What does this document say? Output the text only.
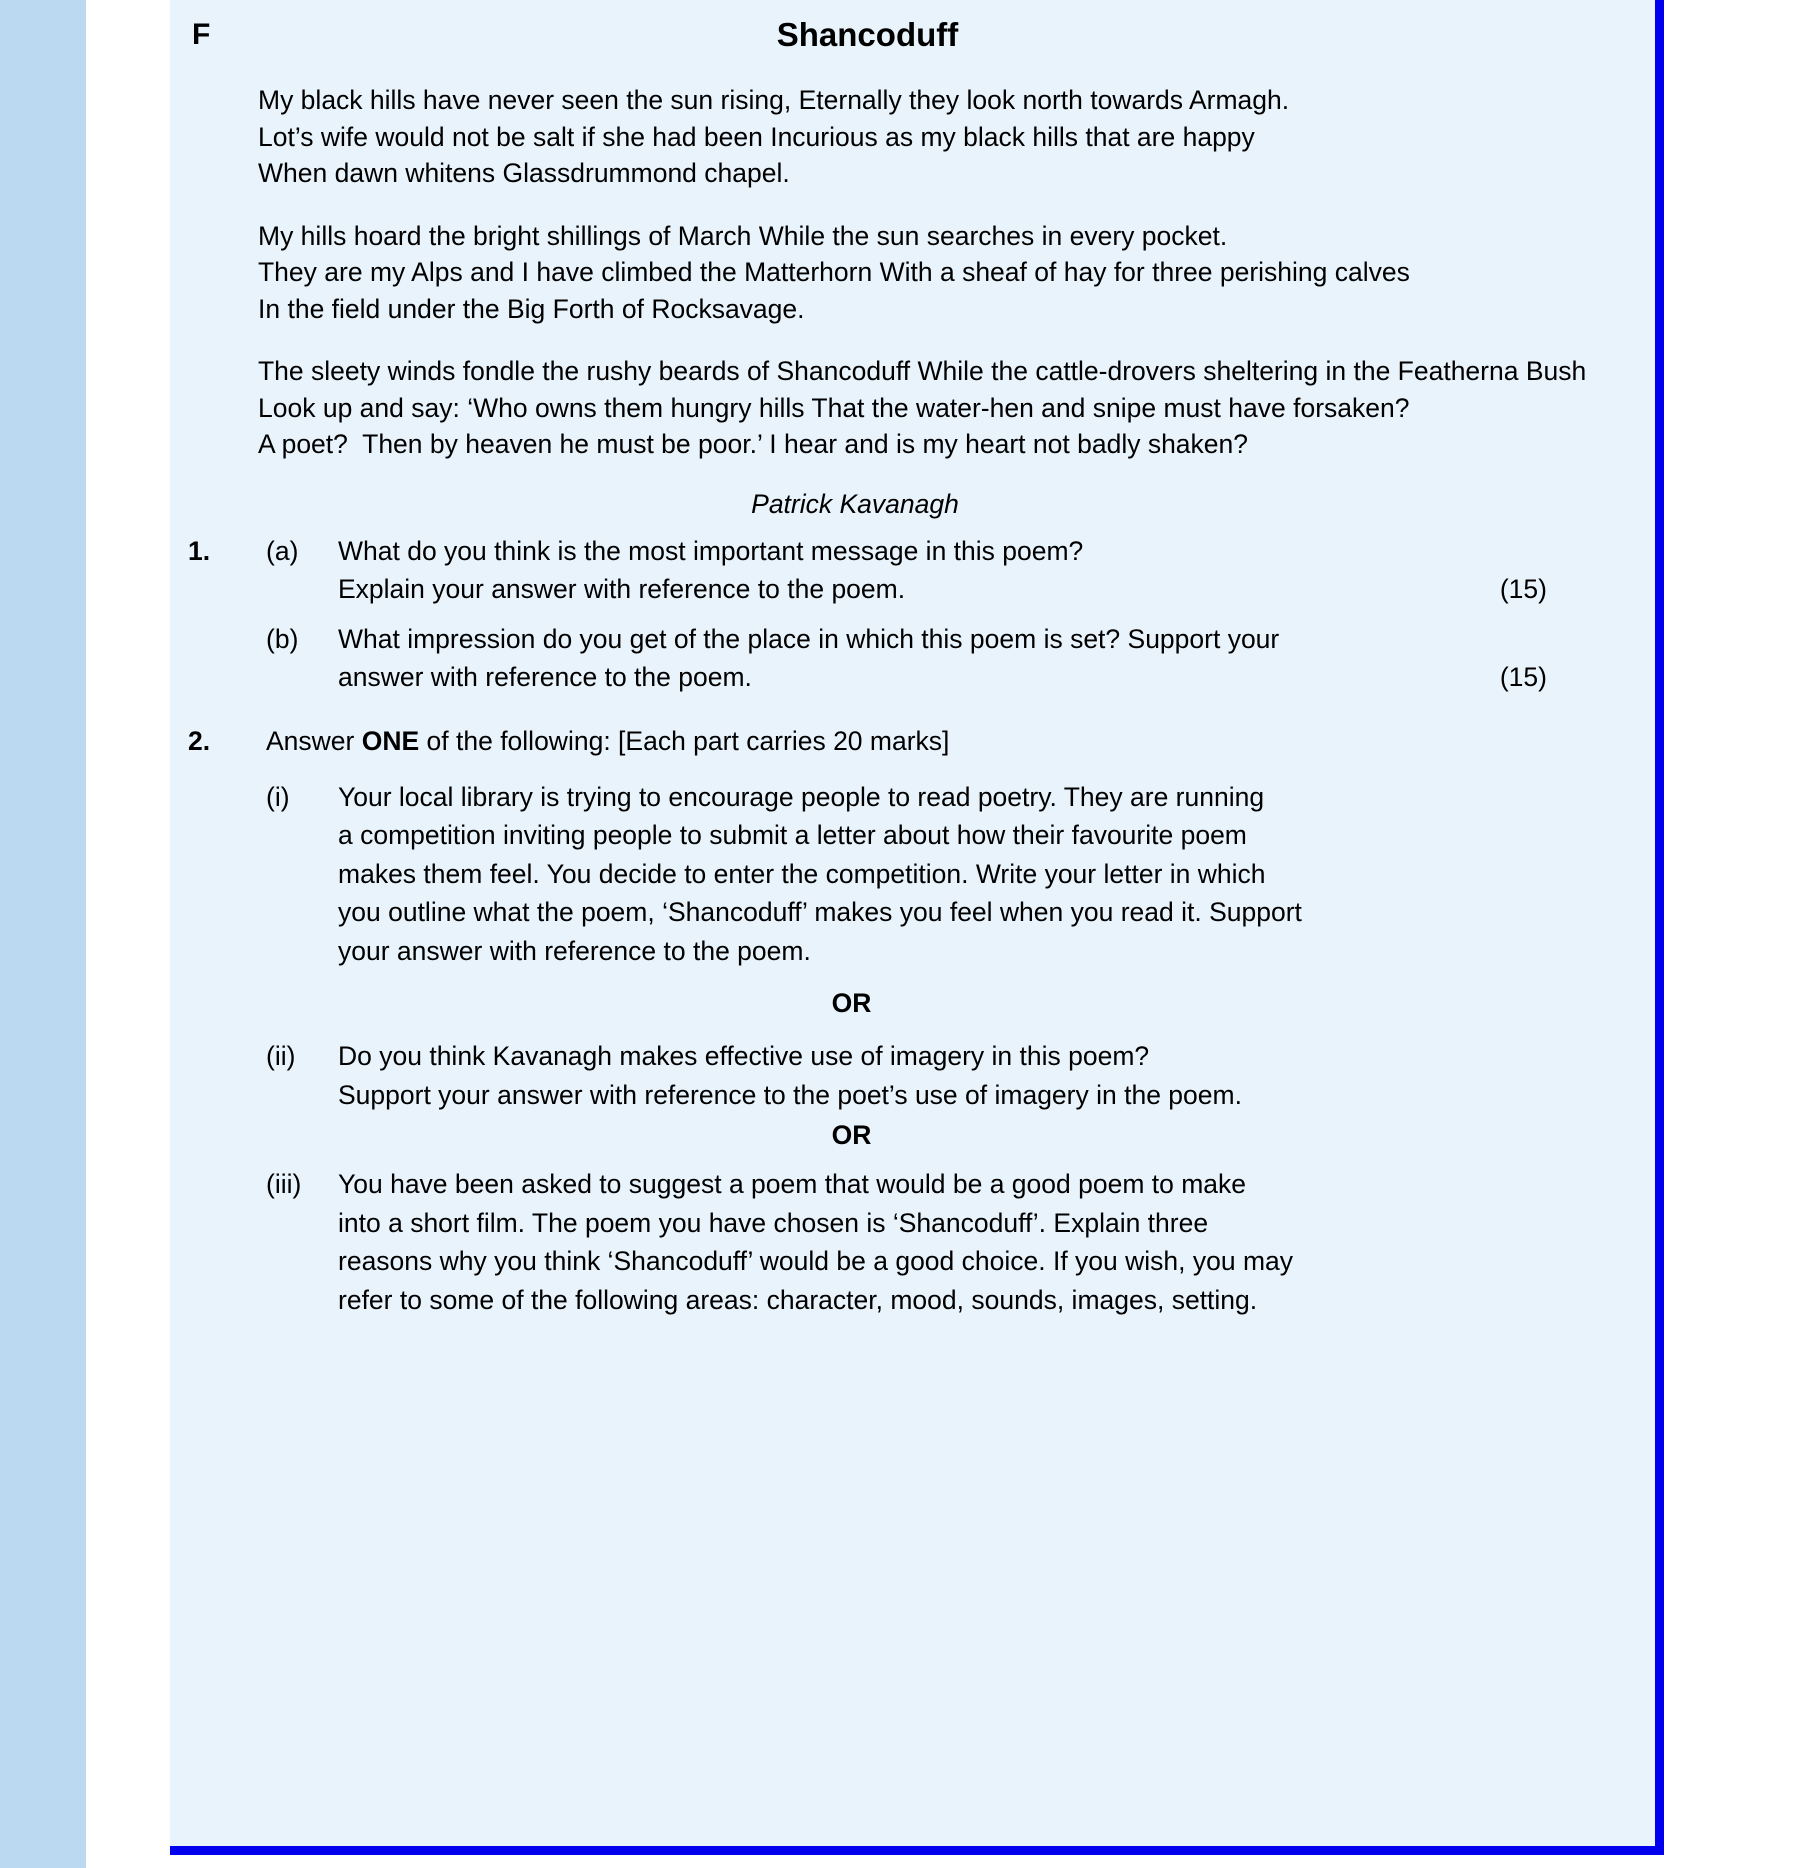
F	Shancoduff
My black hills have never seen the sun rising, Eternally they look north towards Armagh. Lot’s wife would not be salt if she had been Incurious as my black hills that are happy When dawn whitens Glassdrummond chapel.
My hills hoard the bright shillings of March While the sun searches in every pocket. They are my Alps and I have climbed the Matterhorn With a sheaf of hay for three perishing calves In the field under the Big Forth of Rocksavage.
The sleety winds fondle the rushy beards of Shancoduff While the cattle-drovers sheltering in the Featherna Bush Look up and say: ‘Who owns them hungry hills That the water-hen and snipe must have forsaken? A poet?  Then by heaven he must be poor.’ I hear and is my heart not badly shaken?
Patrick Kavanagh
1.	(a)	What do you think is the most important message in this poem?
Explain your answer with reference to the poem.	(15)
(b)	What impression do you get of the place in which this poem is set? Support your
answer with reference to the poem.	(15)
2.	Answer ONE of the following: [Each part carries 20 marks]
(i)	Your local library is trying to encourage people to read poetry. They are running
a competition inviting people to submit a letter about how their favourite poem
makes them feel. You decide to enter the competition. Write your letter in which
you outline what the poem, ‘Shancoduff’ makes you feel when you read it. Support
your answer with reference to the poem.
OR
(ii)	Do you think Kavanagh makes effective use of imagery in this poem?
Support your answer with reference to the poet’s use of imagery in the poem.
OR
(iii)	You have been asked to suggest a poem that would be a good poem to make
into a short film. The poem you have chosen is ‘Shancoduff’. Explain three
reasons why you think ‘Shancoduff’ would be a good choice. If you wish, you may
refer to some of the following areas: character, mood, sounds, images, setting.
